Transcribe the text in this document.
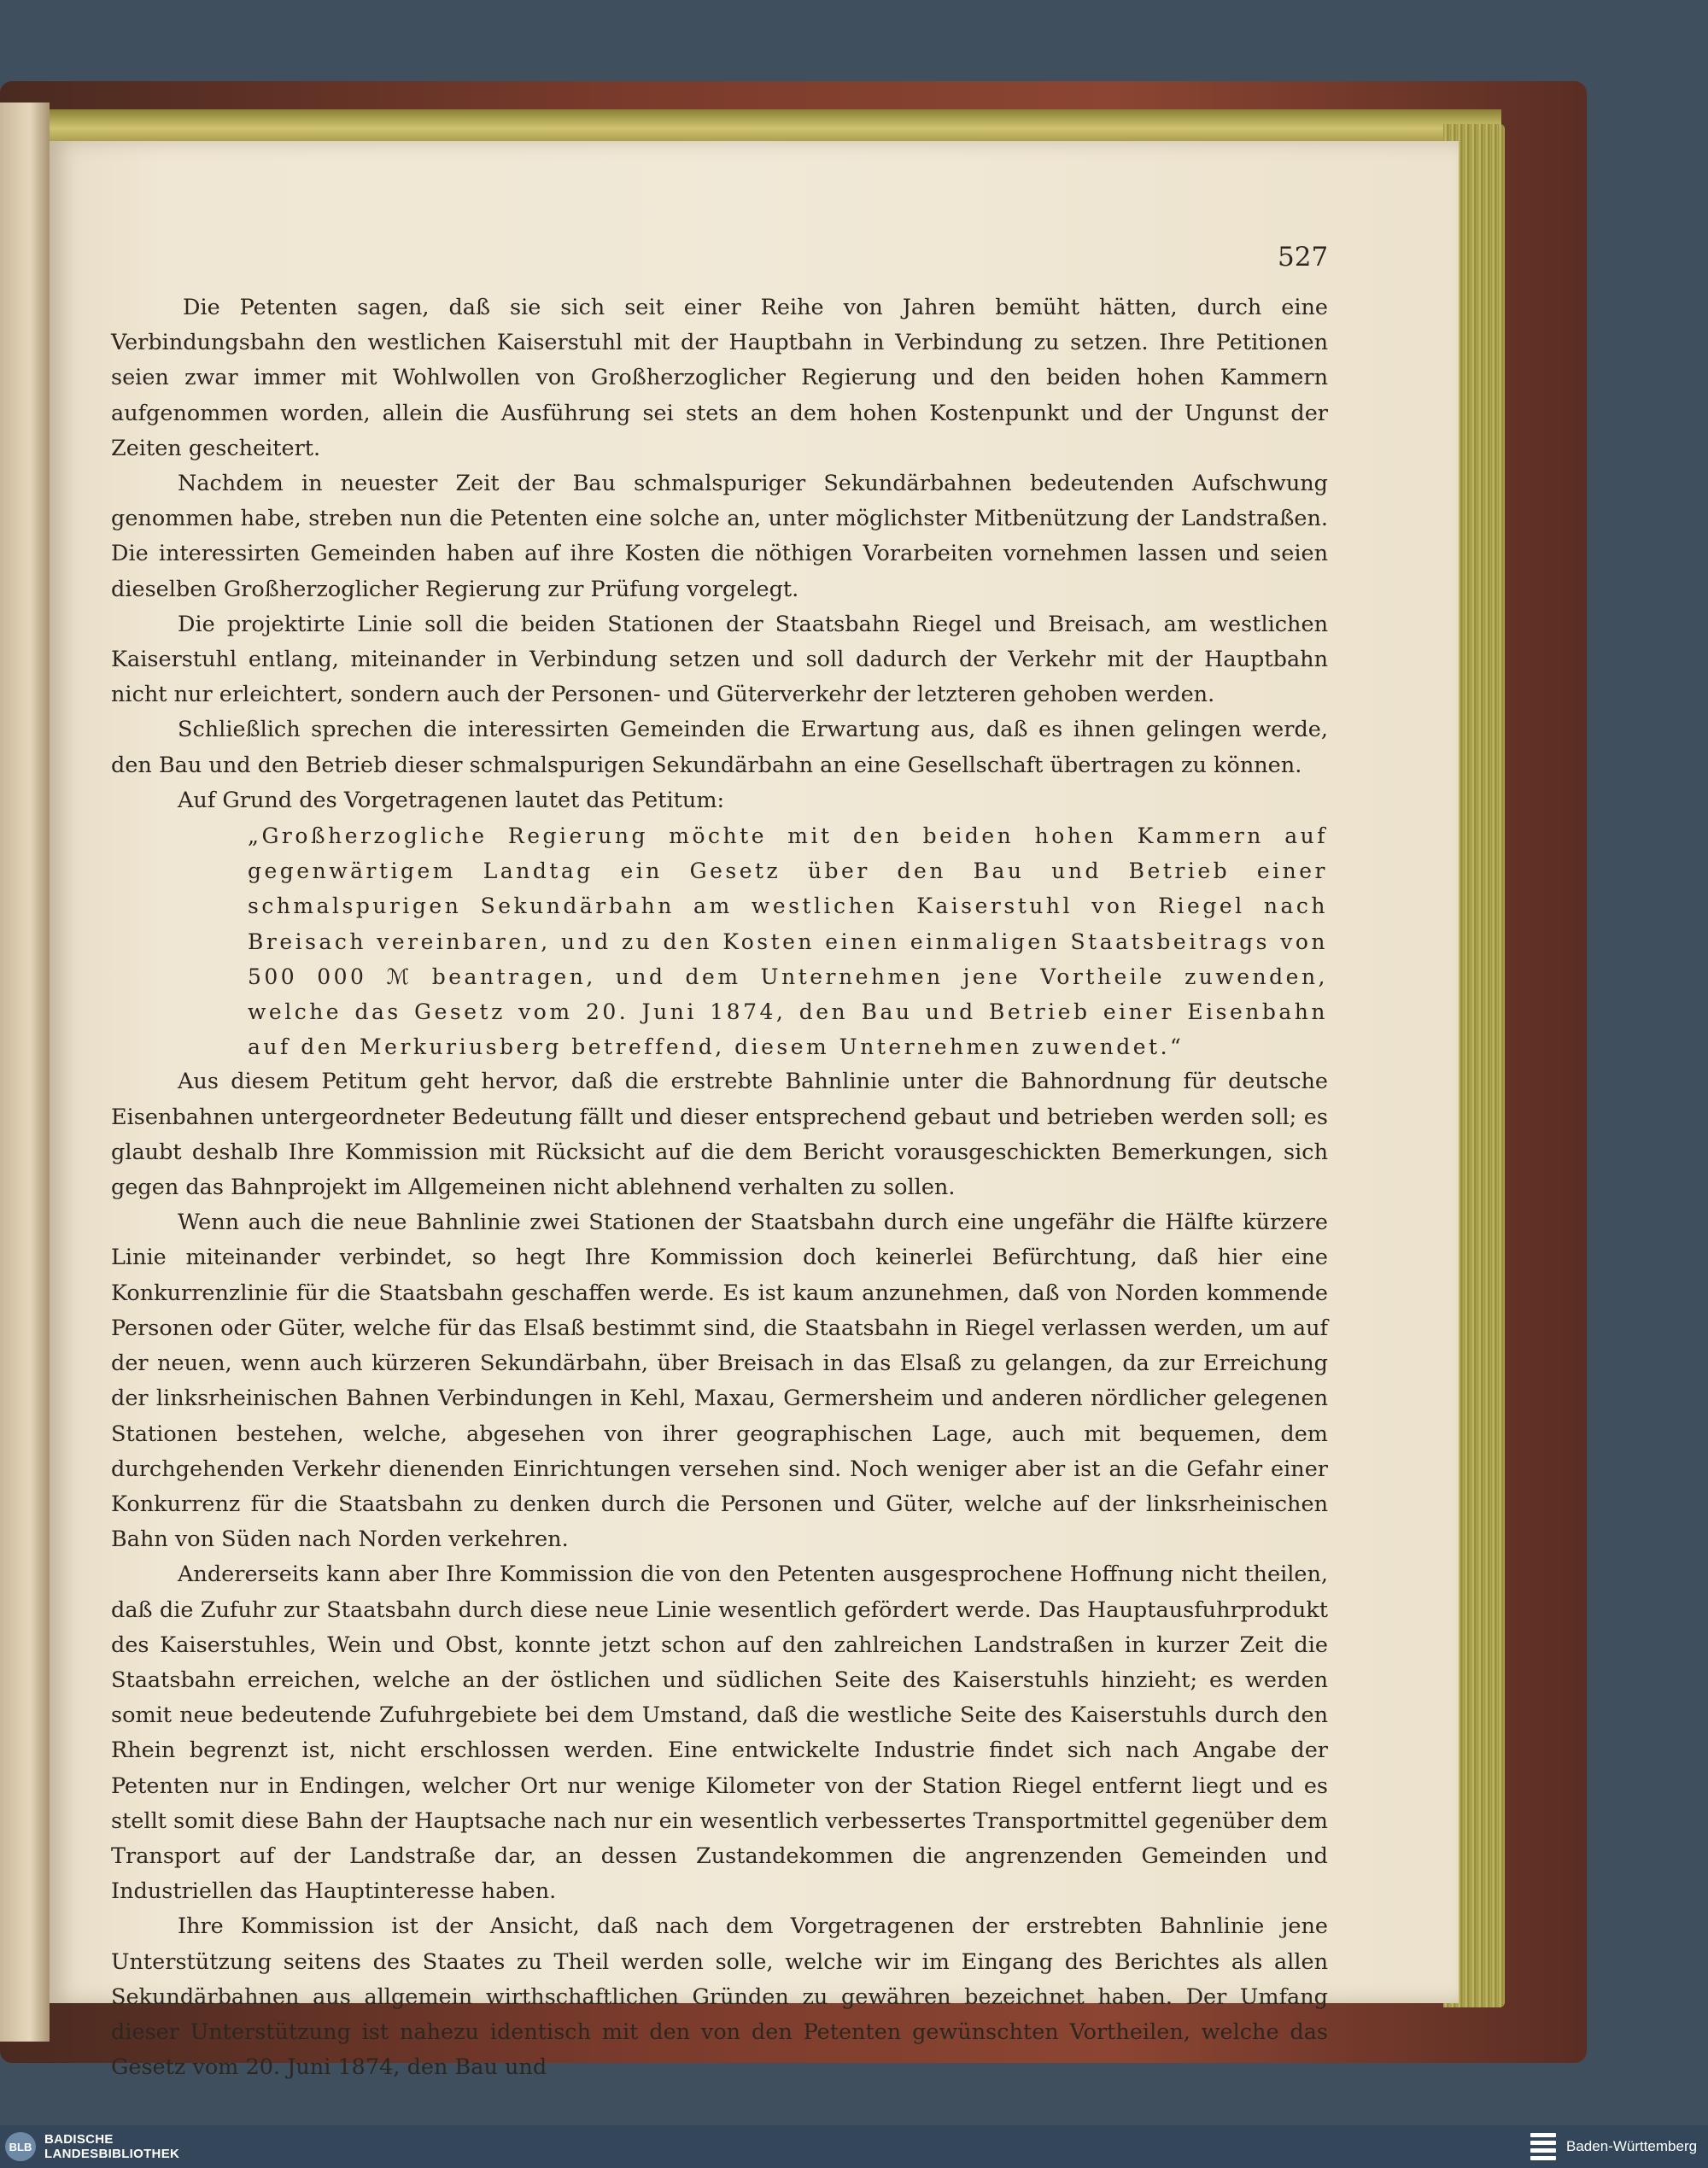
527

Die Petenten sagen, daß sie sich seit einer Reihe von Jahren bemüht hätten, durch eine Verbindungsbahn den westlichen Kaiserstuhl mit der Hauptbahn in Verbindung zu setzen. Ihre Petitionen seien zwar immer mit Wohlwollen von Großherzoglicher Regierung und den beiden hohen Kammern aufgenommen worden, allein die Ausführung sei stets an dem hohen Kostenpunkt und der Ungunst der Zeiten gescheitert.

Nachdem in neuester Zeit der Bau schmalspuriger Sekundärbahnen bedeutenden Aufschwung genommen habe, streben nun die Petenten eine solche an, unter möglichster Mitbenützung der Landstraßen. Die interessirten Gemeinden haben auf ihre Kosten die nöthigen Vorarbeiten vornehmen lassen und seien dieselben Großherzoglicher Regierung zur Prüfung vorgelegt.

Die projektirte Linie soll die beiden Stationen der Staatsbahn Riegel und Breisach, am westlichen Kaiserstuhl entlang, miteinander in Verbindung setzen und soll dadurch der Verkehr mit der Hauptbahn nicht nur erleichtert, sondern auch der Personen- und Güterverkehr der letzteren gehoben werden.

Schließlich sprechen die interessirten Gemeinden die Erwartung aus, daß es ihnen gelingen werde, den Bau und den Betrieb dieser schmalspurigen Sekundärbahn an eine Gesellschaft übertragen zu können.

Auf Grund des Vorgetragenen lautet das Petitum:

„Großherzogliche Regierung möchte mit den beiden hohen Kammern auf gegenwärtigem Landtag ein Gesetz über den Bau und Betrieb einer schmalspurigen Sekundärbahn am westlichen Kaiserstuhl von Riegel nach Breisach vereinbaren, und zu den Kosten einen einmaligen Staatsbeitrags von 500 000 ℳ beantragen, und dem Unternehmen jene Vortheile zuwenden, welche das Gesetz vom 20. Juni 1874, den Bau und Betrieb einer Eisenbahn auf den Merkuriusberg betreffend, diesem Unternehmen zuwendet.“

Aus diesem Petitum geht hervor, daß die erstrebte Bahnlinie unter die Bahnordnung für deutsche Eisenbahnen untergeordneter Bedeutung fällt und dieser entsprechend gebaut und betrieben werden soll; es glaubt deshalb Ihre Kommission mit Rücksicht auf die dem Bericht vorausgeschickten Bemerkungen, sich gegen das Bahnprojekt im Allgemeinen nicht ablehnend verhalten zu sollen.

Wenn auch die neue Bahnlinie zwei Stationen der Staatsbahn durch eine ungefähr die Hälfte kürzere Linie miteinander verbindet, so hegt Ihre Kommission doch keinerlei Befürchtung, daß hier eine Konkurrenzlinie für die Staatsbahn geschaffen werde. Es ist kaum anzunehmen, daß von Norden kommende Personen oder Güter, welche für das Elsaß bestimmt sind, die Staatsbahn in Riegel verlassen werden, um auf der neuen, wenn auch kürzeren Sekundärbahn, über Breisach in das Elsaß zu gelangen, da zur Erreichung der linksrheinischen Bahnen Verbindungen in Kehl, Maxau, Germersheim und anderen nördlicher gelegenen Stationen bestehen, welche, abgesehen von ihrer geographischen Lage, auch mit bequemen, dem durchgehenden Verkehr dienenden Einrichtungen versehen sind. Noch weniger aber ist an die Gefahr einer Konkurrenz für die Staatsbahn zu denken durch die Personen und Güter, welche auf der linksrheinischen Bahn von Süden nach Norden verkehren.

Andererseits kann aber Ihre Kommission die von den Petenten ausgesprochene Hoffnung nicht theilen, daß die Zufuhr zur Staatsbahn durch diese neue Linie wesentlich gefördert werde. Das Hauptausfuhrprodukt des Kaiserstuhles, Wein und Obst, konnte jetzt schon auf den zahlreichen Landstraßen in kurzer Zeit die Staatsbahn erreichen, welche an der östlichen und südlichen Seite des Kaiserstuhls hinzieht; es werden somit neue bedeutende Zufuhrgebiete bei dem Umstand, daß die westliche Seite des Kaiserstuhls durch den Rhein begrenzt ist, nicht erschlossen werden. Eine entwickelte Industrie findet sich nach Angabe der Petenten nur in Endingen, welcher Ort nur wenige Kilometer von der Station Riegel entfernt liegt und es stellt somit diese Bahn der Hauptsache nach nur ein wesentlich verbessertes Transportmittel gegenüber dem Transport auf der Landstraße dar, an dessen Zustandekommen die angrenzenden Gemeinden und Industriellen das Hauptinteresse haben.

Ihre Kommission ist der Ansicht, daß nach dem Vorgetragenen der erstrebten Bahnlinie jene Unterstützung seitens des Staates zu Theil werden solle, welche wir im Eingang des Berichtes als allen Sekundärbahnen aus allgemein wirthschaftlichen Gründen zu gewähren bezeichnet haben. Der Umfang dieser Unterstützung ist nahezu identisch mit den von den Petenten gewünschten Vortheilen, welche das Gesetz vom 20. Juni 1874, den Bau und

BLB BADISCHE
LANDESBIBLIOTHEK	Baden-Württemberg
